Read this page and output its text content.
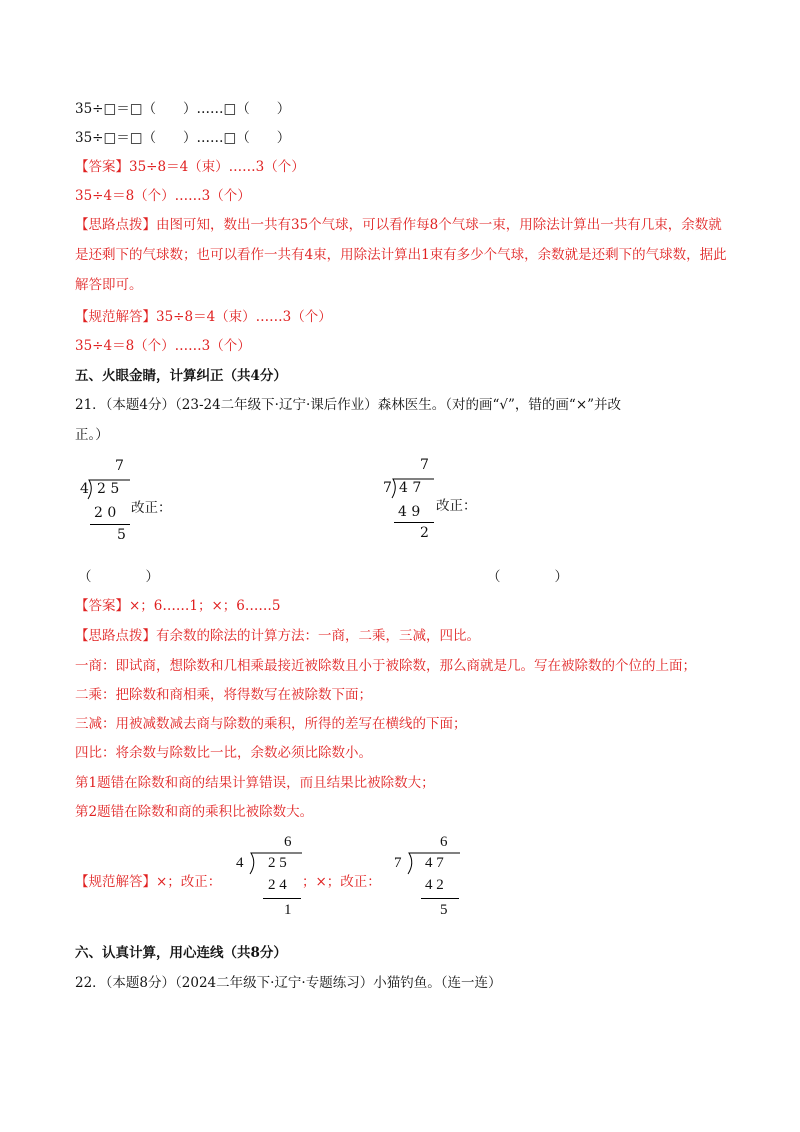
35÷□＝□（　　）……□（　　）
35÷□＝□（　　）……□（　　）
【答案】35÷8＝4（束）……3（个）
35÷4＝8（个）……3（个）
【思路点拨】由图可知，数出一共有35个气球，可以看作每8个气球一束，用除法计算出一共有几束，余数就是还剩下的气球数；也可以看作一共有4束，用除法计算出1束有多少个气球，余数就是还剩下的气球数，据此解答即可。
【规范解答】35÷8＝4（束）……3（个）
35÷4＝8（个）……3（个）
五、火眼金睛，计算纠正（共4分）
21．（本题4分）（23-24二年级下·辽宁·课后作业）森林医生。（对的画“√”，错的画“×”并改
正。）
7
4 2 5
2 0
5
改正：
7
7 4 7
4 9
2
改正：
（　　　　）	（　　　　）
【答案】×；6……1；×；6……5
【思路点拨】有余数的除法的计算方法：一商，二乘，三减，四比。
一商：即试商，想除数和几相乘最接近被除数且小于被除数，那么商就是几。写在被除数的个位的上面；
二乘：把除数和商相乘，将得数写在被除数下面；
三减：用被减数减去商与除数的乘积，所得的差写在横线的下面；
四比：将余数与除数比一比，余数必须比除数小。
第1题错在除数和商的结果计算错误，而且结果比被除数大；
第2题错在除数和商的乘积比被除数大。
【规范解答】×；改正：
6
4 2 5
2 4
1
；×；改正：
6
7 4 7
4 2
5
六、认真计算，用心连线（共8分）
22．（本题8分）（2024二年级下·辽宁·专题练习）小猫钓鱼。（连一连）
